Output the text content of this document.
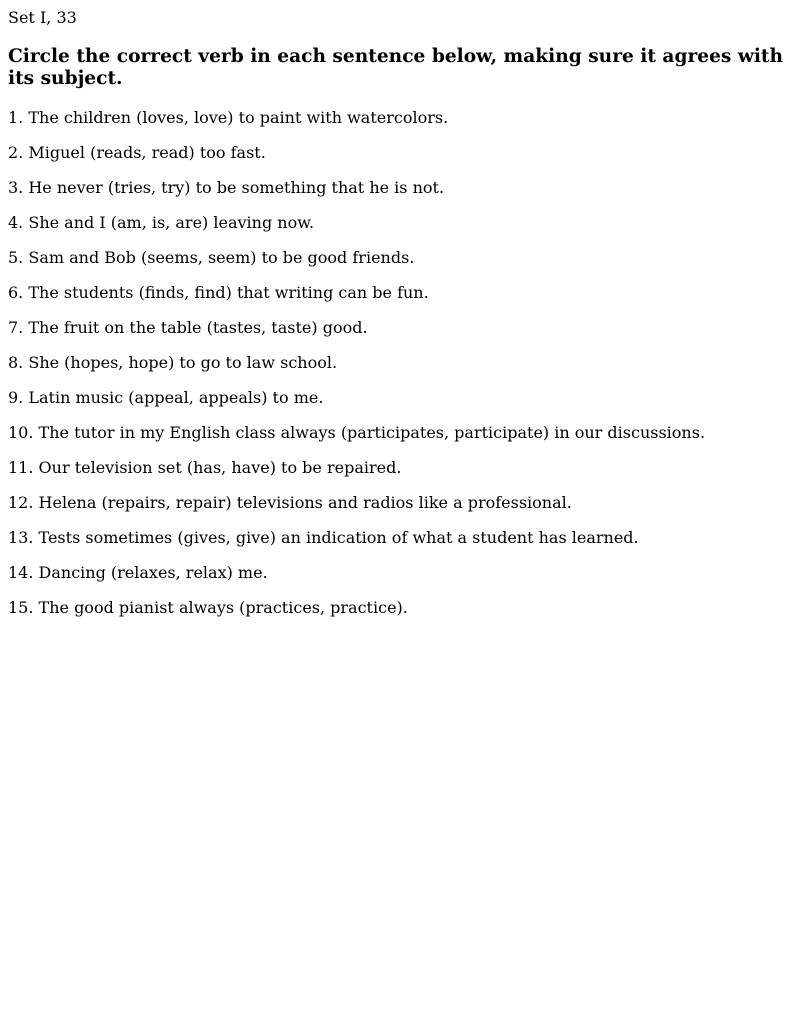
Set I, 33

Circle the correct verb in each sentence below, making sure it agrees with its subject.

1. The children (loves, love) to paint with watercolors.

2. Miguel (reads, read) too fast.

3. He never (tries, try) to be something that he is not.

4. She and I (am, is, are) leaving now.

5. Sam and Bob (seems, seem) to be good friends.

6. The students (finds, find) that writing can be fun.

7. The fruit on the table (tastes, taste) good.

8. She (hopes, hope) to go to law school.

9. Latin music (appeal, appeals) to me.

10. The tutor in my English class always (participates, participate) in our discussions.

11. Our television set (has, have) to be repaired.

12. Helena (repairs, repair) televisions and radios like a professional.

13. Tests sometimes (gives, give) an indication of what a student has learned.

14. Dancing (relaxes, relax) me.

15. The good pianist always (practices, practice).
